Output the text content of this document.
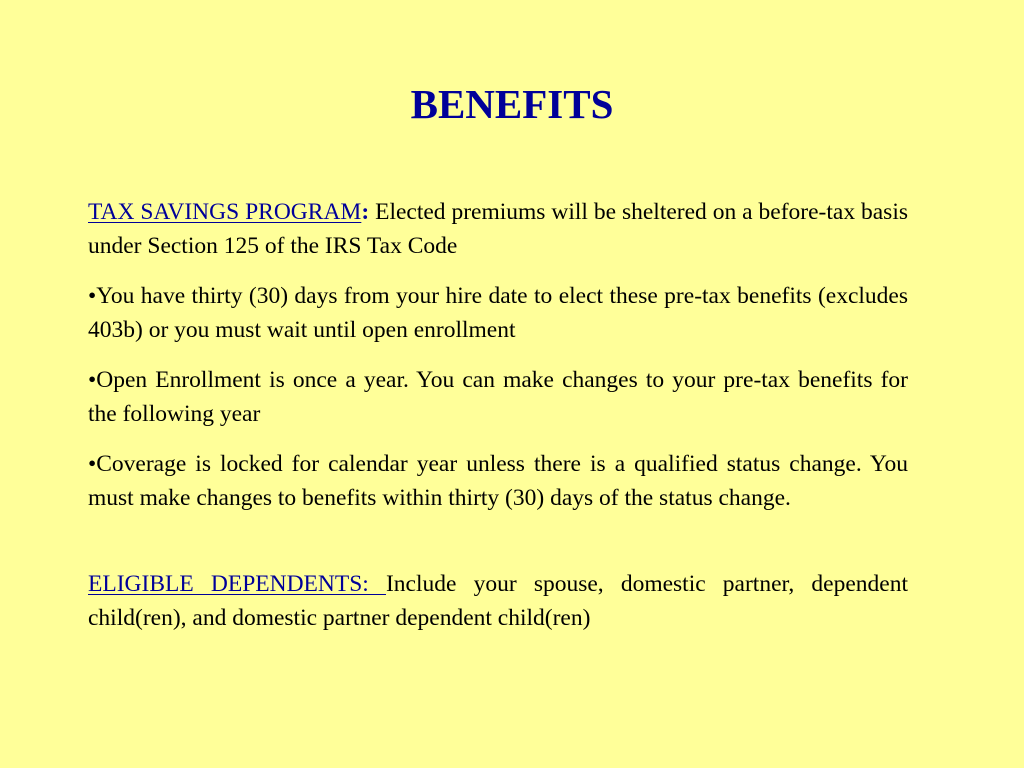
BENEFITS

TAX SAVINGS PROGRAM: Elected premiums will be sheltered on a before-tax basis under Section 125 of the IRS Tax Code

•You have thirty (30) days from your hire date to elect these pre-tax benefits (excludes 403b) or you must wait until open enrollment

•Open Enrollment is once a year. You can make changes to your pre-tax benefits for the following year

•Coverage is locked for calendar year unless there is a qualified status change. You must make changes to benefits within thirty (30) days of the status change.

ELIGIBLE DEPENDENTS: Include your spouse, domestic partner, dependent child(ren), and domestic partner dependent child(ren)
